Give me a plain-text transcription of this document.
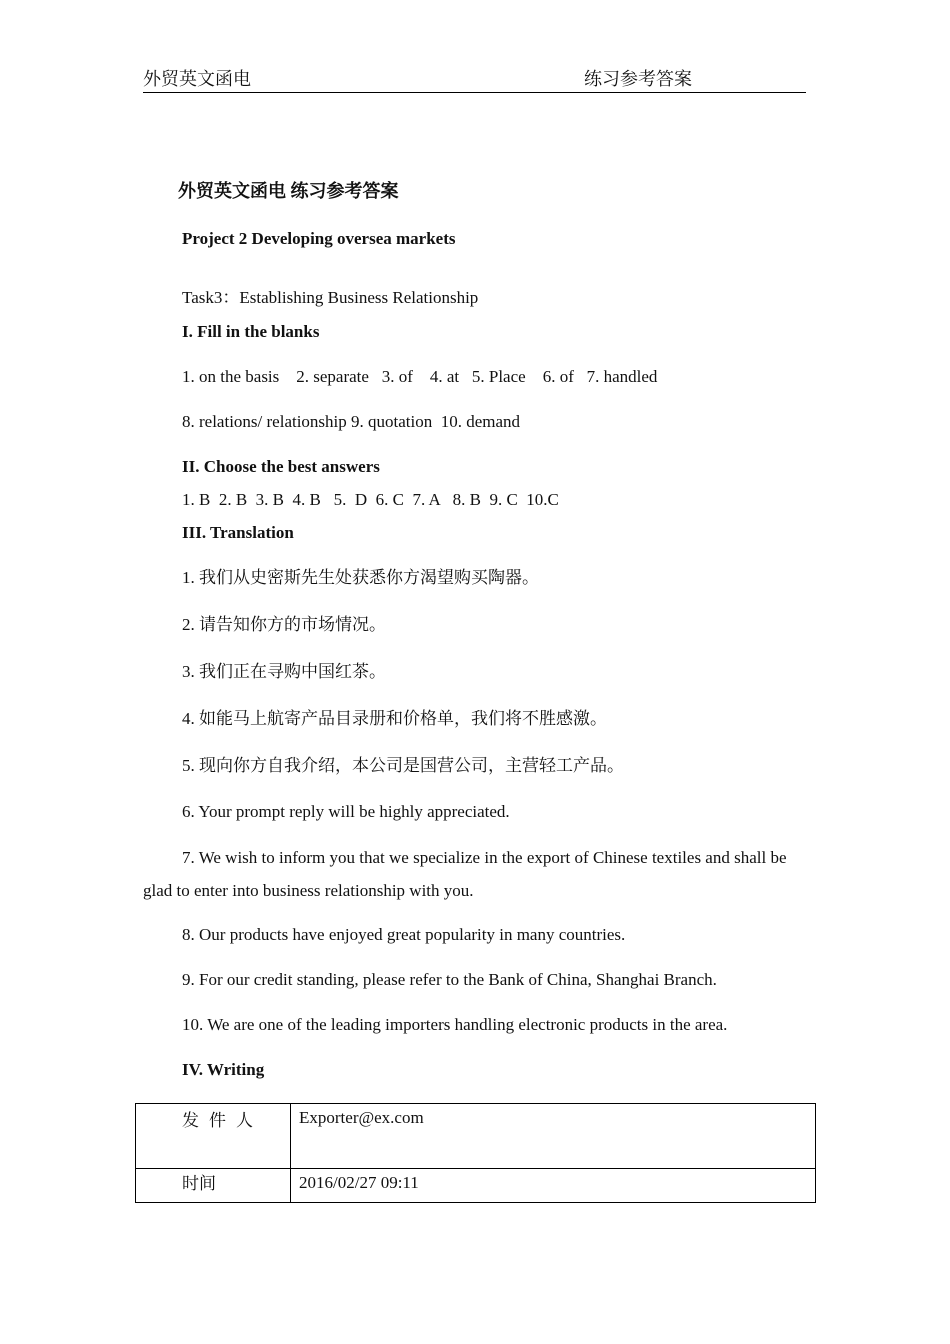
外贸英文函电	练习参考答案
外贸英文函电 练习参考答案
Project 2 Developing oversea markets
Task3：Establishing Business Relationship
I. Fill in the blanks
1. on the basis    2. separate   3. of    4. at   5. Place    6. of   7. handled
8. relations/ relationship 9. quotation  10. demand
II. Choose the best answers
1. B  2. B  3. B  4. B   5.  D  6. C  7. A   8. B  9. C  10.C
III. Translation
1. 我们从史密斯先生处获悉你方渴望购买陶器。
2. 请告知你方的市场情况。
3. 我们正在寻购中国红茶。
4. 如能马上航寄产品目录册和价格单，我们将不胜感激。
5. 现向你方自我介绍，本公司是国营公司，主营轻工产品。
6. Your prompt reply will be highly appreciated.
7. We wish to inform you that we specialize in the export of Chinese textiles and shall be glad to enter into business relationship with you.
8. Our products have enjoyed great popularity in many countries.
9. For our credit standing, please refer to the Bank of China, Shanghai Branch.
10. We are one of the leading importers handling electronic products in the area.
IV. Writing
发件人	Exporter@ex.com
时间	2016/02/27 09:11
